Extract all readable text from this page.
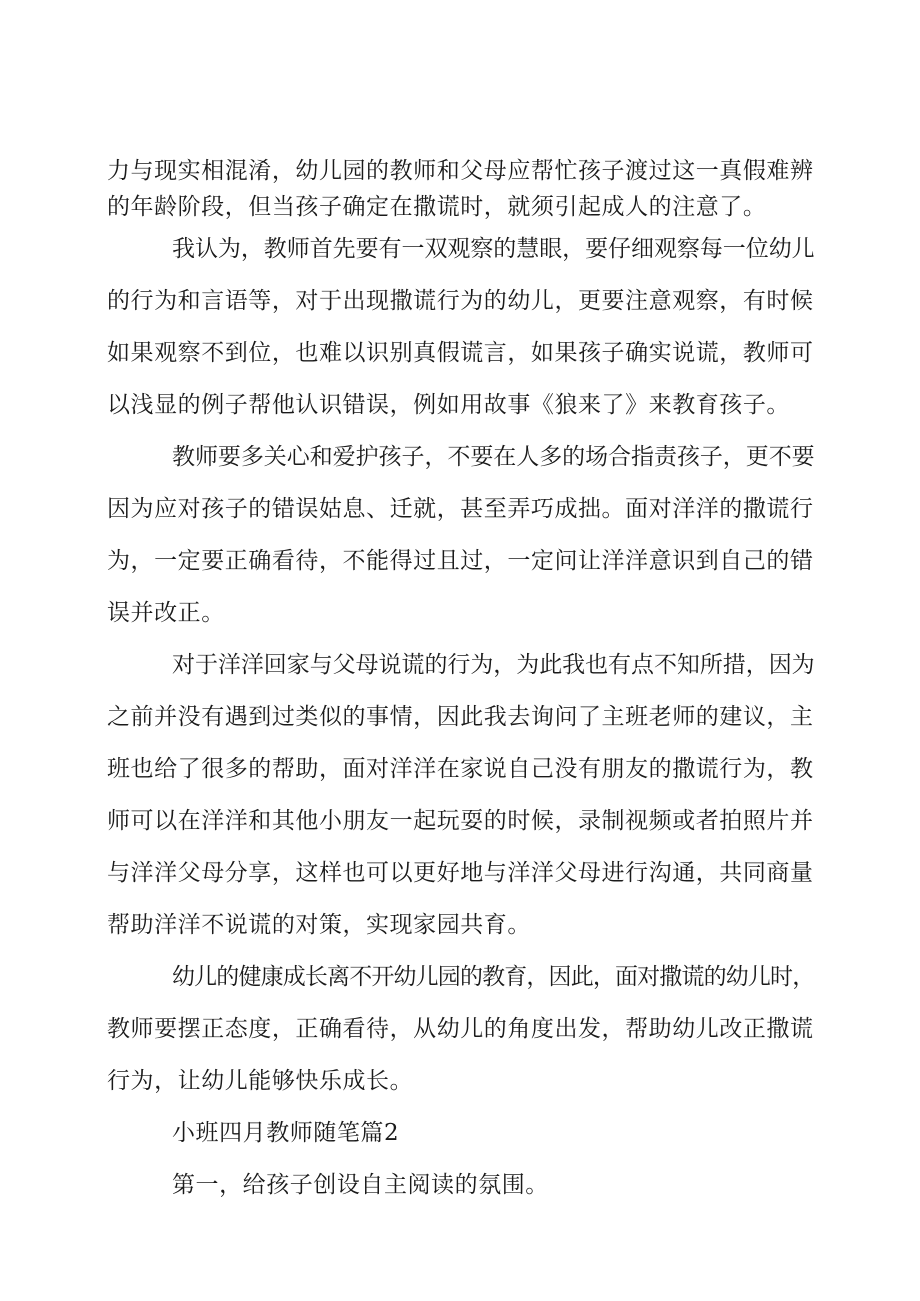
力与现实相混淆，幼儿园的教师和父母应帮忙孩子渡过这一真假难辨
的年龄阶段，但当孩子确定在撒谎时，就须引起成人的注意了。
我认为，教师首先要有一双观察的慧眼，要仔细观察每一位幼儿
的行为和言语等，对于出现撒谎行为的幼儿，更要注意观察，有时候
如果观察不到位，也难以识别真假谎言，如果孩子确实说谎，教师可
以浅显的例子帮他认识错误，例如用故事《狼来了》来教育孩子。
教师要多关心和爱护孩子，不要在人多的场合指责孩子，更不要
因为应对孩子的错误姑息、迁就，甚至弄巧成拙。面对洋洋的撒谎行
为，一定要正确看待，不能得过且过，一定问让洋洋意识到自己的错
误并改正。
对于洋洋回家与父母说谎的行为，为此我也有点不知所措，因为
之前并没有遇到过类似的事情，因此我去询问了主班老师的建议，主
班也给了很多的帮助，面对洋洋在家说自己没有朋友的撒谎行为，教
师可以在洋洋和其他小朋友一起玩耍的时候，录制视频或者拍照片并
与洋洋父母分享，这样也可以更好地与洋洋父母进行沟通，共同商量
帮助洋洋不说谎的对策，实现家园共育。
幼儿的健康成长离不开幼儿园的教育，因此，面对撒谎的幼儿时，
教师要摆正态度，正确看待，从幼儿的角度出发，帮助幼儿改正撒谎
行为，让幼儿能够快乐成长。
小班四月教师随笔篇2
第一，给孩子创设自主阅读的氛围。
